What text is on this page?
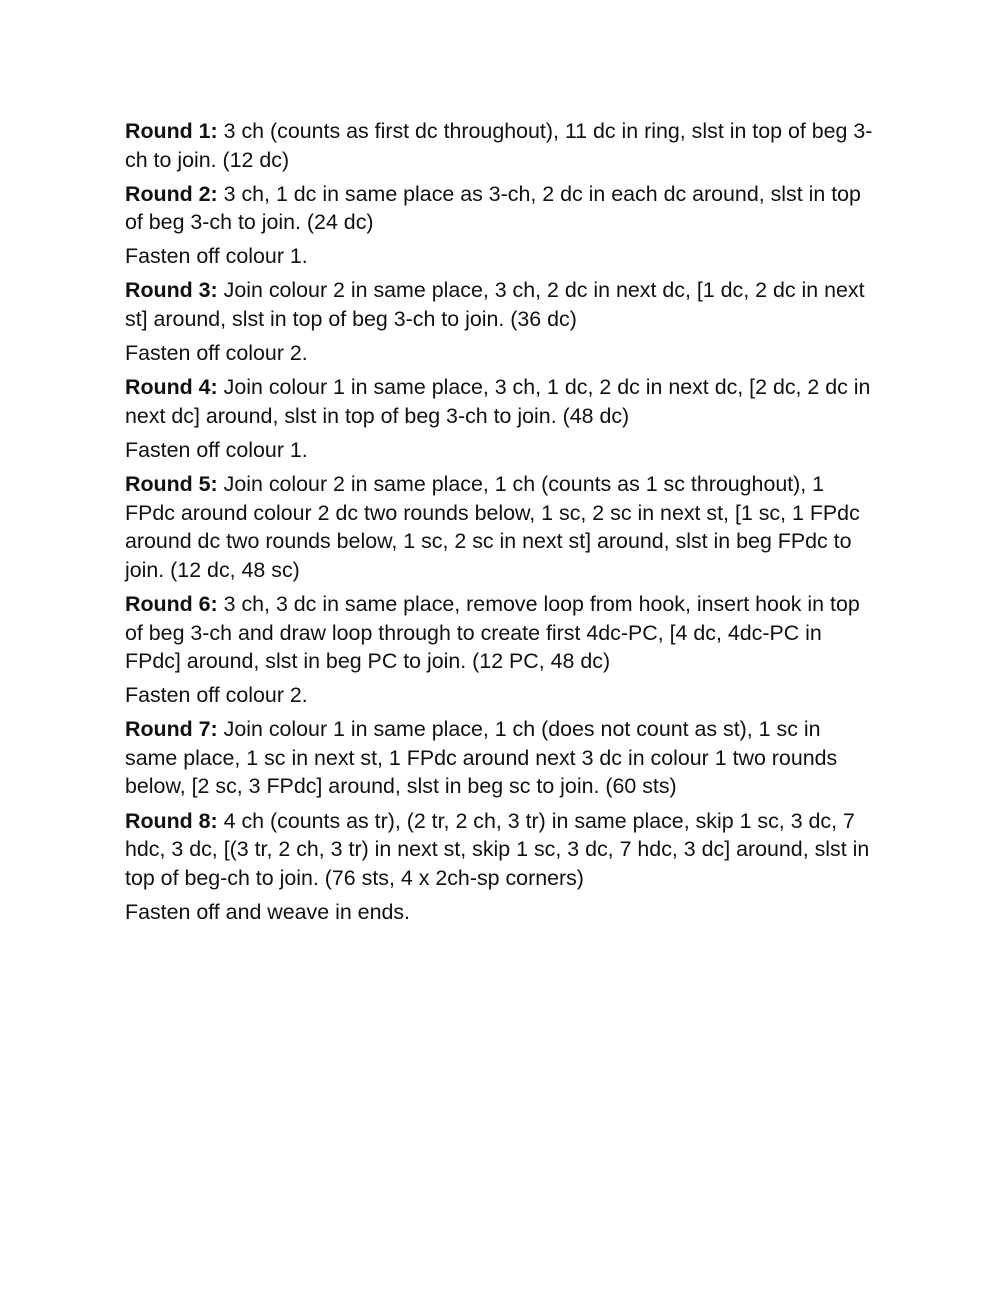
Round 1: 3 ch (counts as first dc throughout), 11 dc in ring, slst in top of beg 3-ch to join. (12 dc)

Round 2: 3 ch, 1 dc in same place as 3-ch, 2 dc in each dc around, slst in top of beg 3-ch to join. (24 dc)

Fasten off colour 1.

Round 3: Join colour 2 in same place, 3 ch, 2 dc in next dc, [1 dc, 2 dc in next st] around, slst in top of beg 3-ch to join. (36 dc)

Fasten off colour 2.

Round 4: Join colour 1 in same place, 3 ch, 1 dc, 2 dc in next dc, [2 dc, 2 dc in next dc] around, slst in top of beg 3-ch to join. (48 dc)

Fasten off colour 1.

Round 5: Join colour 2 in same place, 1 ch (counts as 1 sc throughout), 1 FPdc around colour 2 dc two rounds below, 1 sc, 2 sc in next st, [1 sc, 1 FPdc around dc two rounds below, 1 sc, 2 sc in next st] around, slst in beg FPdc to join. (12 dc, 48 sc)

Round 6: 3 ch, 3 dc in same place, remove loop from hook, insert hook in top of beg 3-ch and draw loop through to create first 4dc-PC, [4 dc, 4dc-PC in FPdc] around, slst in beg PC to join. (12 PC, 48 dc)

Fasten off colour 2.

Round 7: Join colour 1 in same place, 1 ch (does not count as st), 1 sc in same place, 1 sc in next st, 1 FPdc around next 3 dc in colour 1 two rounds below, [2 sc, 3 FPdc] around, slst in beg sc to join. (60 sts)

Round 8: 4 ch (counts as tr), (2 tr, 2 ch, 3 tr) in same place, skip 1 sc, 3 dc, 7 hdc, 3 dc, [(3 tr, 2 ch, 3 tr) in next st, skip 1 sc, 3 dc, 7 hdc, 3 dc] around, slst in top of beg-ch to join. (76 sts, 4 x 2ch-sp corners)

Fasten off and weave in ends.
